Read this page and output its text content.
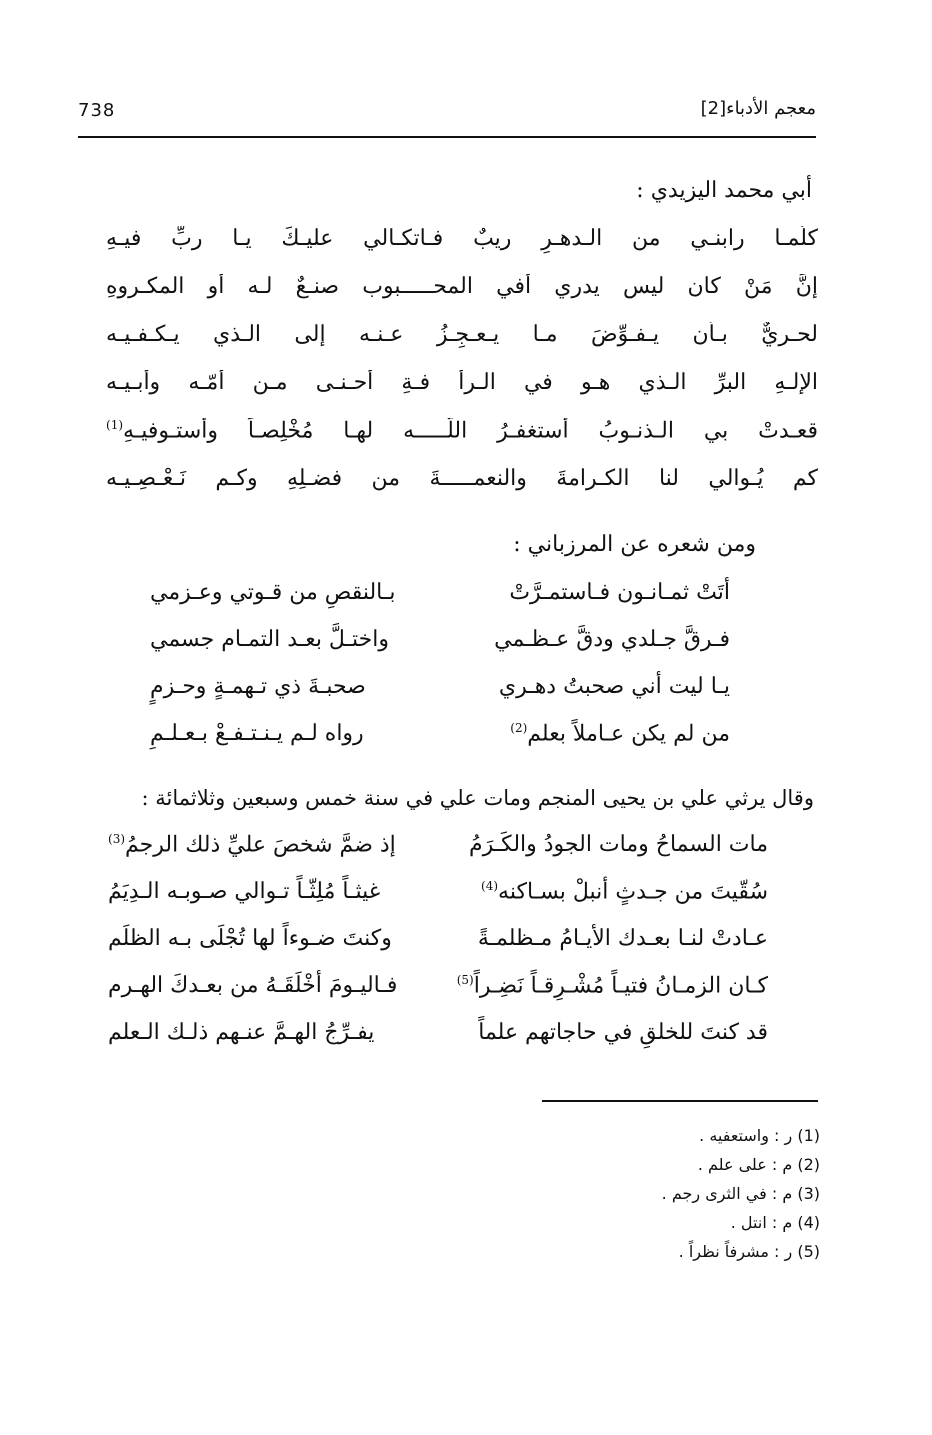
738	معجم الأدباء[2]
أبي محمد اليزيدي :
كلّمـا رابنـي من الـدهـرِ ريبٌ فـاتكـالي عليـكَ يـا ربِّ فيـهِ
إنَّ مَنْ كان ليس يدري أفي المحـــــبوب صنـعٌ لـه أو المكـروهِ
لحـريٌّ بـأن يـفـوِّضَ مـا يـعـجِـزُ عـنـه إلى الـذي يـكـفـيـه
الإلـهِ البرِّ الـذي هـو في الـرأ فـةِ أحـنـى مـن أمّـه وأبـيـه
قعـدتْ بي الـذنـوبُ أستغفـرُ اللّـــــه لهـا مُخْلِصـاً وأستـوفيـهِ$^{(1)}$
كم يُـوالي لنا الكـرامةَ والنعمـــــةَ من فضـلِهِ وكـم نَـعْـصِـيـه
ومن شعره عن المرزباني :
أتَتْ ثمـانـون فـاستمـرَّتْ
بـالنقصِ من قـوتي وعـزمي
فـرقَّ جـلدي ودقَّ عـظـمي
واختـلَّ بعـد التمـام جسمي
يـا ليت أني صحبتُ دهـري
صحبـةَ ذي تـهمـةٍ وحـزمٍ
من لم يكن عـاملاً بعلم$^{(2)}$
رواه لـم يـنـتـفـعْ بـعـلـمِ
وقال يرثي علي بن يحيى المنجم ومات علي في سنة خمس وسبعين وثلاثمائة :
مات السماحُ ومات الجودُ والكَـرَمُ
إذ ضمَّ شخصَ عليِّ ذلك الرجمُ$^{(3)}$
سُقّيتَ من جـدثٍ أنبلْ بسـاكنه$^{(4)}$
غيثـاً مُلِثّـاً تـوالي صـوبـه الـدِيَمُ
عـادتْ لنـا بعـدك الأيـامُ مـظلمـةً
وكنتَ ضـوءاً لها تُجْلَى بـه الظلَم
كـان الزمـانُ فتيـاً مُشْـرِقـاً نَضِـراً$^{(5)}$
فـاليـومَ أخْلَقَـهُ من بعـدكَ الهـرم
قد كنتَ للخلقِ في حاجاتهم علماً
يفـرِّجُ الهـمَّ عنـهم ذلـك الـعلم
(1) ر : واستعفيه .
(2) م : على علم .
(3) م : في الثرى رجم .
(4) م : انتل .
(5) ر : مشرفاً نظراً .
